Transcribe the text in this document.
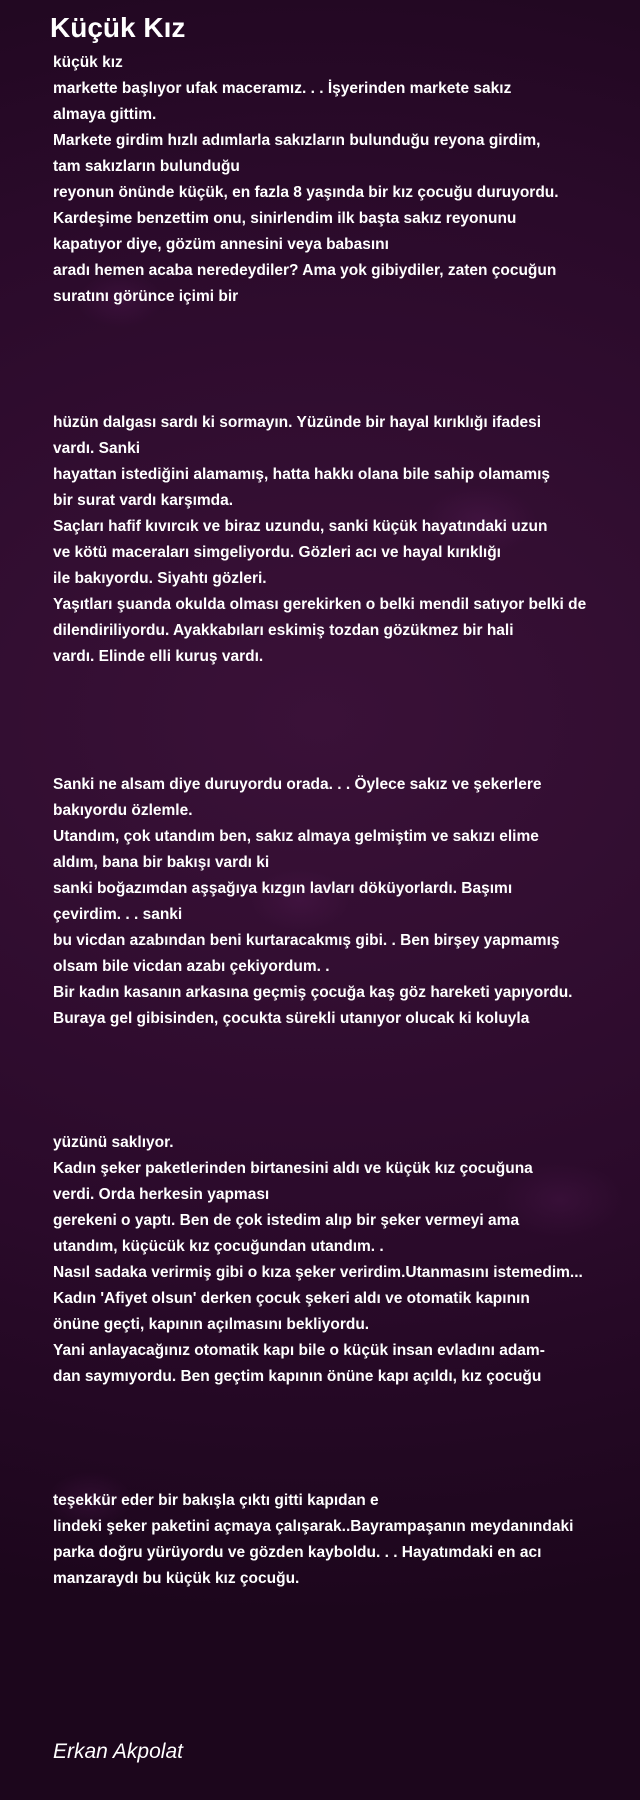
Küçük Kız
küçük kız
markette başlıyor ufak maceramız. . . İşyerinden markete sakız
almaya gittim.
Markete girdim hızlı adımlarla sakızların bulunduğu reyona girdim,
tam sakızların bulunduğu
reyonun önünde küçük, en fazla 8 yaşında bir kız çocuğu duruyordu.
Kardeşime benzettim onu, sinirlendim ilk başta sakız reyonunu
kapatıyor diye, gözüm annesini veya babasını
aradı hemen acaba neredeydiler? Ama yok gibiydiler, zaten çocuğun
suratını görünce içimi bir
hüzün dalgası sardı ki sormayın. Yüzünde bir hayal kırıklığı ifadesi
vardı. Sanki
hayattan istediğini alamamış, hatta hakkı olana bile sahip olamamış
bir surat vardı karşımda.
Saçları hafif kıvırcık ve biraz uzundu, sanki küçük hayatındaki uzun
ve kötü maceraları simgeliyordu. Gözleri acı ve hayal kırıklığı
ile bakıyordu. Siyahtı gözleri.
Yaşıtları şuanda okulda olması gerekirken o belki mendil satıyor belki de
dilendiriliyordu. Ayakkabıları eskimiş tozdan gözükmez bir hali
vardı. Elinde elli kuruş vardı.
Sanki ne alsam diye duruyordu orada. . . Öylece sakız ve şekerlere
bakıyordu özlemle.
Utandım, çok utandım ben, sakız almaya gelmiştim ve sakızı elime
aldım, bana bir bakışı vardı ki
sanki boğazımdan aşşağıya kızgın lavları döküyorlardı. Başımı
çevirdim. . . sanki
bu vicdan azabından beni kurtaracakmış gibi. . Ben birşey yapmamış
olsam bile vicdan azabı çekiyordum. .
Bir kadın kasanın arkasına geçmiş çocuğa kaş göz hareketi yapıyordu.
Buraya gel gibisinden, çocukta sürekli utanıyor olucak ki koluyla
yüzünü saklıyor.
Kadın şeker paketlerinden birtanesini aldı ve küçük kız çocuğuna
verdi. Orda herkesin yapması
gerekeni o yaptı. Ben de çok istedim alıp bir şeker vermeyi ama
utandım, küçücük kız çocuğundan utandım. .
Nasıl sadaka verirmiş gibi o kıza şeker verirdim.Utanmasını istemedim...
Kadın 'Afiyet olsun' derken çocuk şekeri aldı ve otomatik kapının
önüne geçti, kapının açılmasını bekliyordu.
Yani anlayacağınız otomatik kapı bile o küçük insan evladını adam-
dan saymıyordu. Ben geçtim kapının önüne kapı açıldı, kız çocuğu
teşekkür eder bir bakışla çıktı gitti kapıdan e
lindeki şeker paketini açmaya çalışarak..Bayrampaşanın meydanındaki
parka doğru yürüyordu ve gözden kayboldu. . . Hayatımdaki en acı
manzaraydı bu küçük kız çocuğu.
Erkan Akpolat
